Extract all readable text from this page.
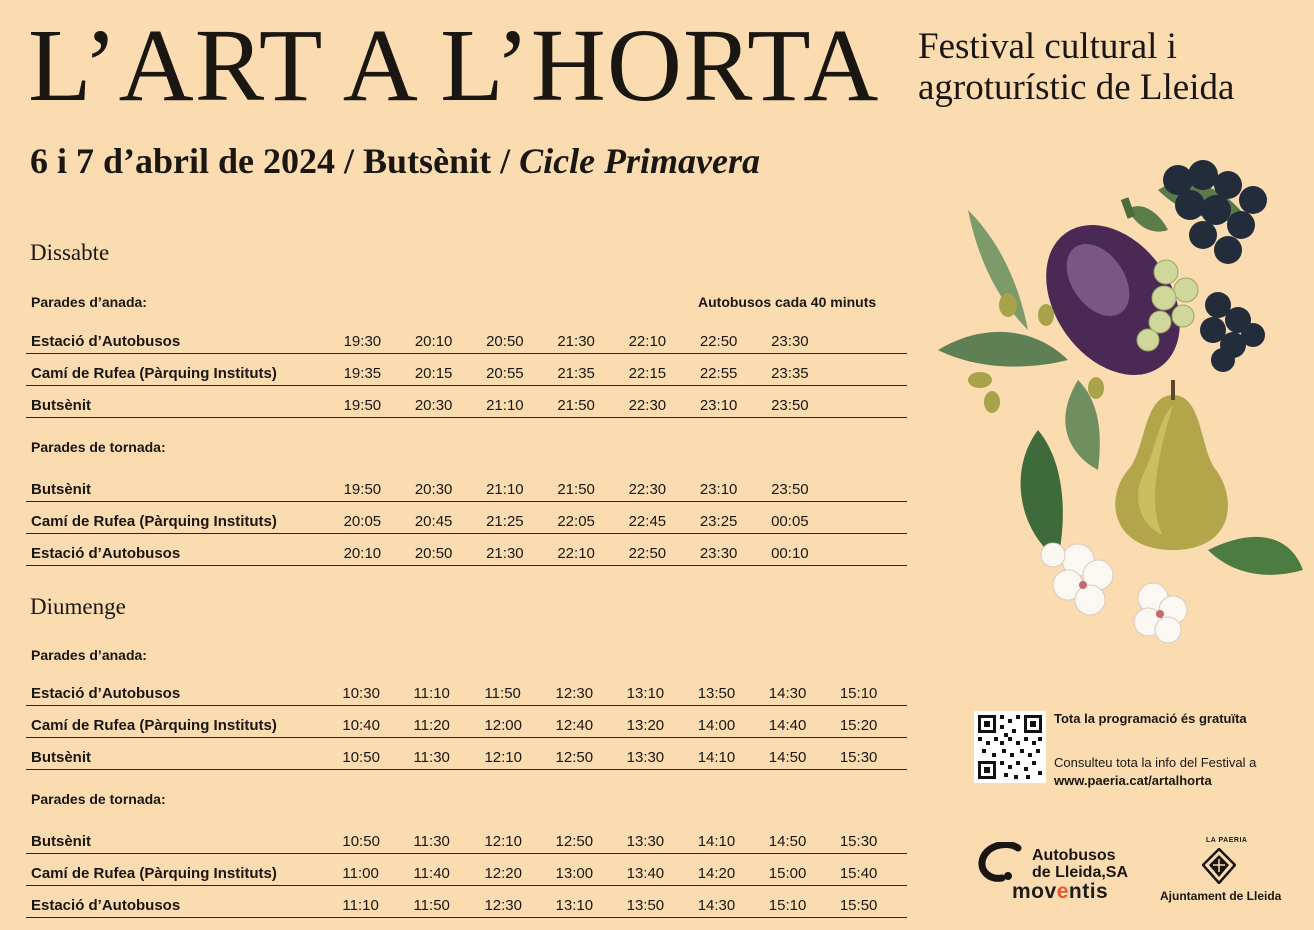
L’ART A L’HORTA Festival cultural i
agroturístic de Lleida
6 i 7 d’abril de 2024 / Butsènit / Cicle Primavera
Dissabte
Parades d’anada:	Autobusos cada 40 minuts
Estació d’Autobusos	19:30	20:10	20:50	21:30	22:10	22:50	23:30	
Camí de Rufea (Pàrquing Instituts)	19:35	20:15	20:55	21:35	22:15	22:55	23:35	
Butsènit	19:50	20:30	21:10	21:50	22:30	23:10	23:50	
Parades de tornada:
Butsènit	19:50	20:30	21:10	21:50	22:30	23:10	23:50	
Camí de Rufea (Pàrquing Instituts)	20:05	20:45	21:25	22:05	22:45	23:25	00:05	
Estació d’Autobusos	20:10	20:50	21:30	22:10	22:50	23:30	00:10	
Diumenge
Parades d’anada:
Estació d’Autobusos	10:30	11:10	11:50	12:30	13:10	13:50	14:30	15:10
Camí de Rufea (Pàrquing Instituts)	10:40	11:20	12:00	12:40	13:20	14:00	14:40	15:20
Butsènit	10:50	11:30	12:10	12:50	13:30	14:10	14:50	15:30
Parades de tornada:
Butsènit	10:50	11:30	12:10	12:50	13:30	14:10	14:50	15:30
Camí de Rufea (Pàrquing Instituts)	11:00	11:40	12:20	13:00	13:40	14:20	15:00	15:40
Estació d’Autobusos	11:10	11:50	12:30	13:10	13:50	14:30	15:10	15:50
Tota la programació és gratuïta
Consulteu tota la info del Festival a
www.paeria.cat/artalhorta
Autobusos
de Lleida,SA
moventis
LA PAERIA
Ajuntament de Lleida
